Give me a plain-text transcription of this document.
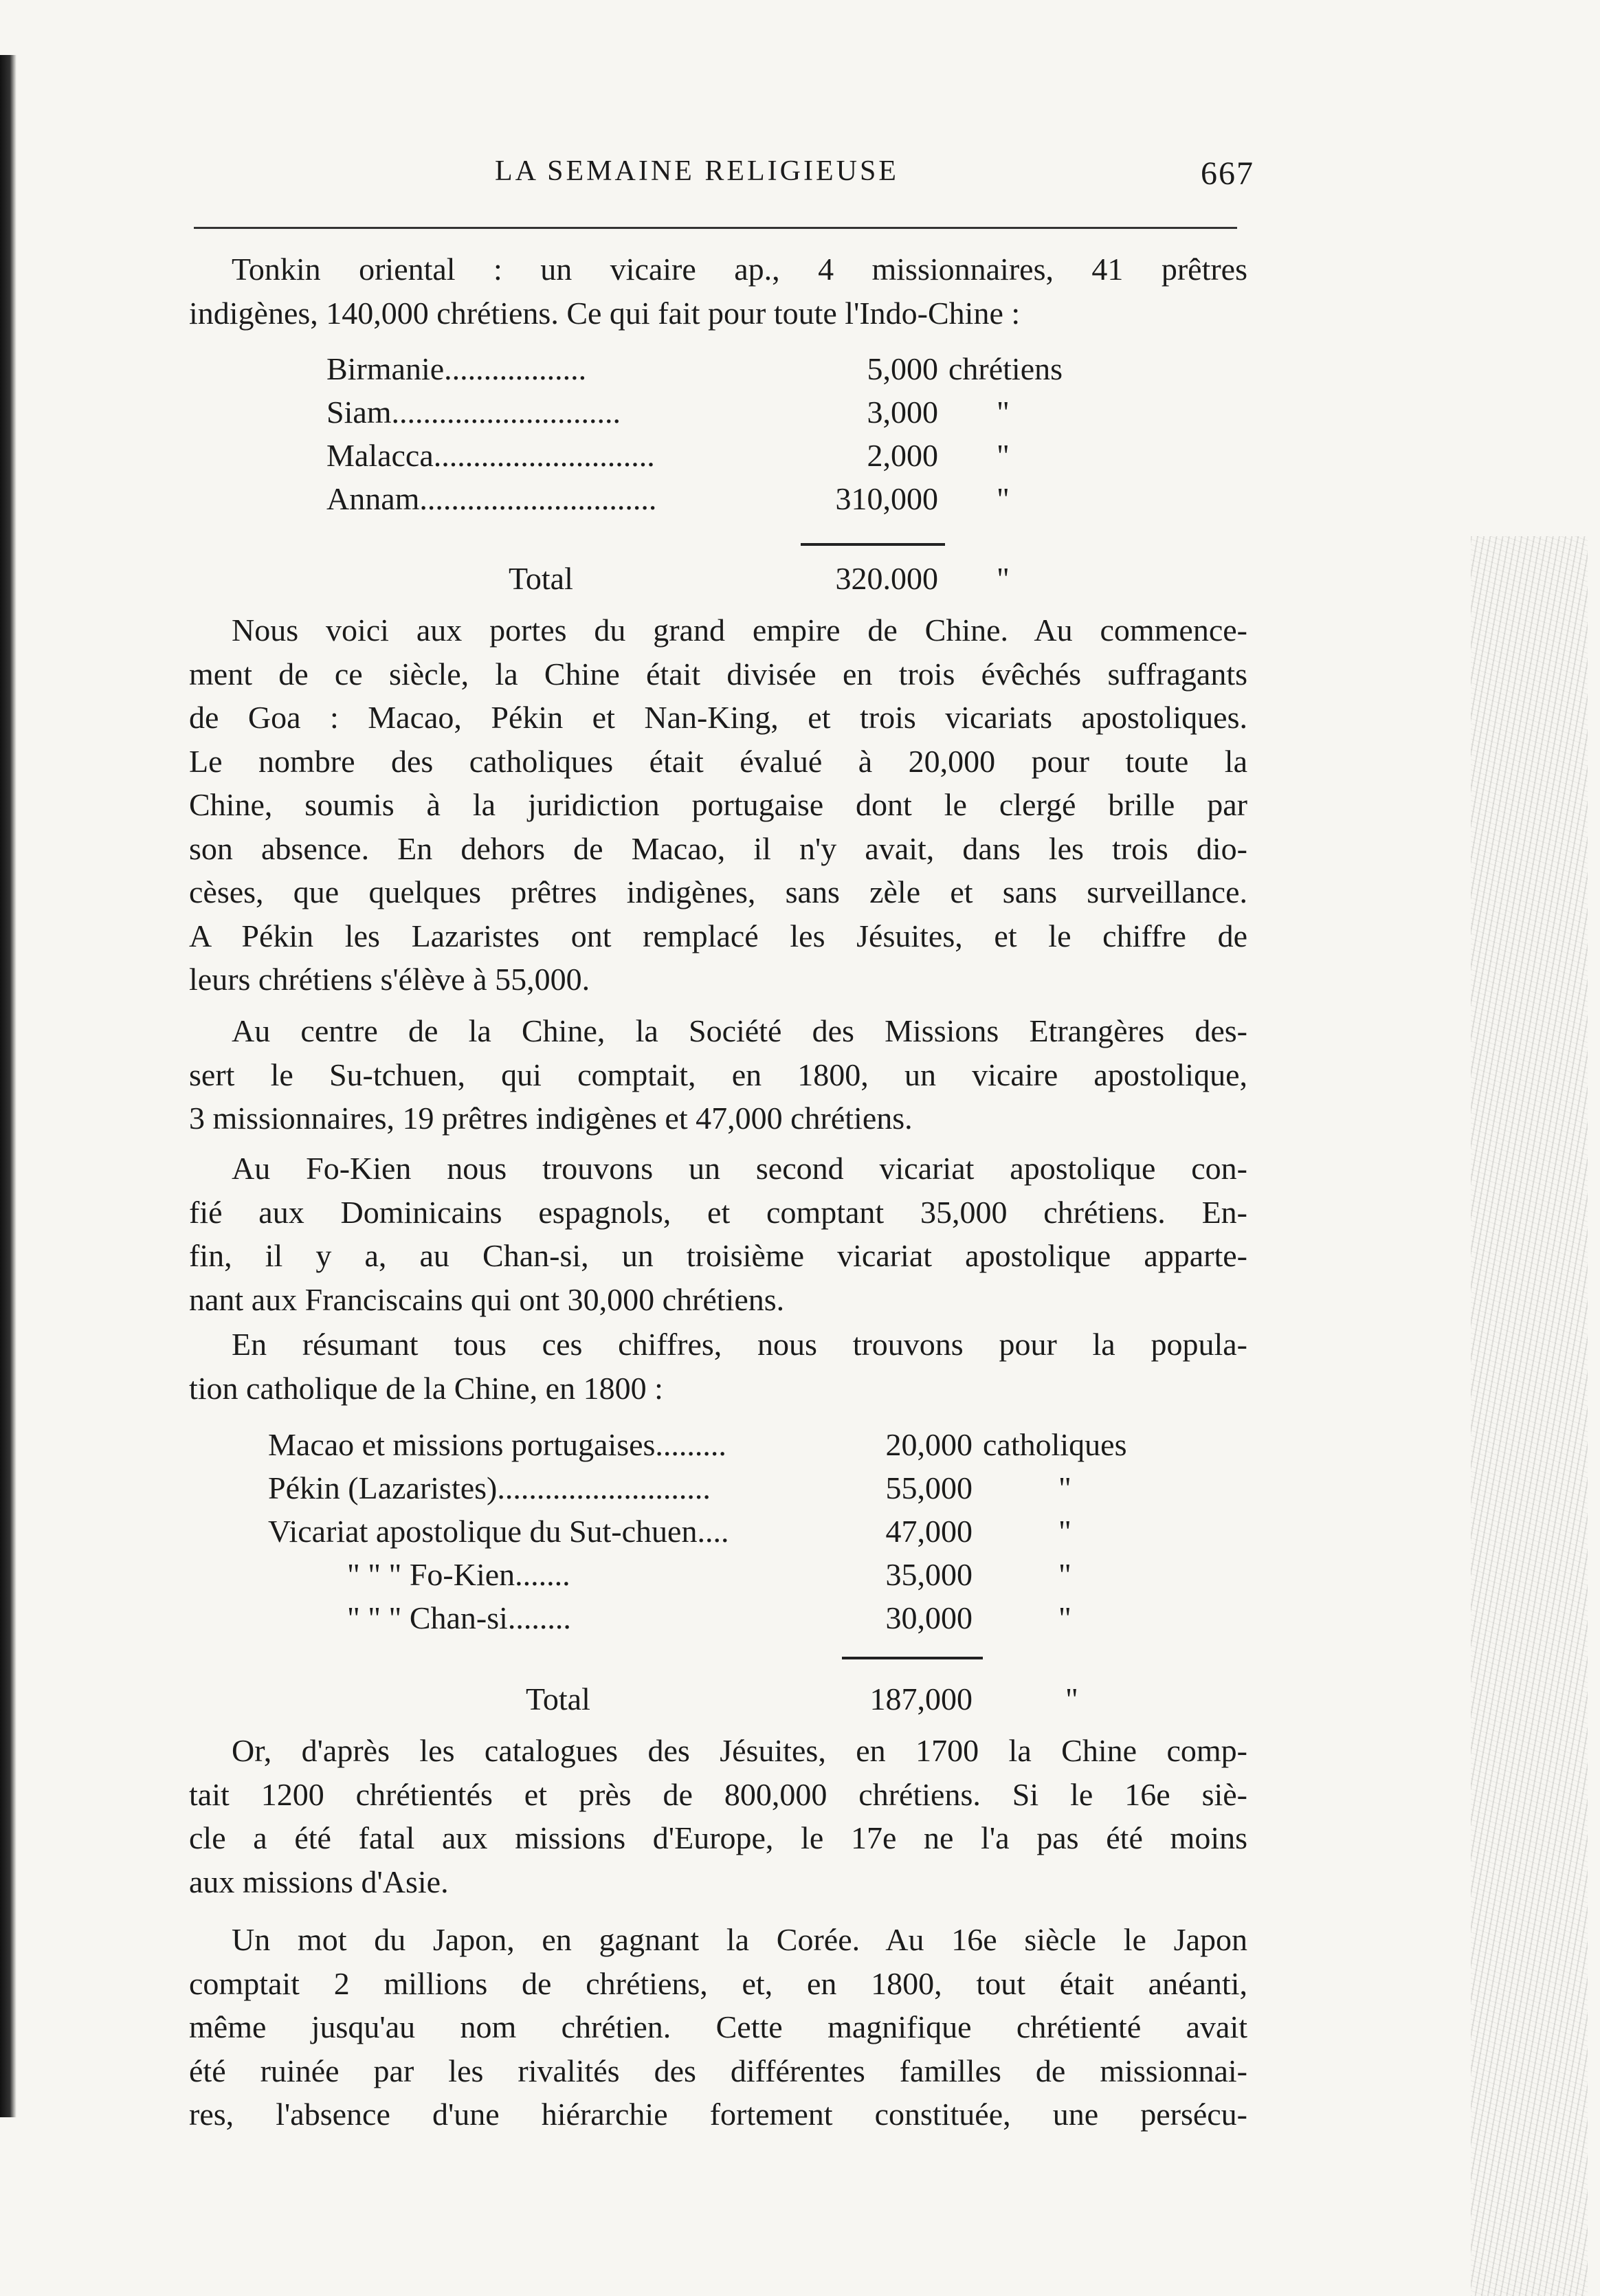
LA SEMAINE RELIGIEUSE	667
Tonkin oriental : un vicaire ap., 4 missionnaires, 41 prêtres
indigènes, 140,000 chrétiens. Ce qui fait pour toute l'Indo-Chine :
Birmanie..................	5,000 chrétiens
Siam.............................	3,000 "
Malacca............................	2,000 "
Annam..............................	310,000 "
Total	320.000 "
Nous voici aux portes du grand empire de Chine. Au commence-
ment de ce siècle, la Chine était divisée en trois évêchés suffragants
de Goa : Macao, Pékin et Nan-King, et trois vicariats apostoliques.
Le nombre des catholiques était évalué à 20,000 pour toute la
Chine, soumis à la juridiction portugaise dont le clergé brille par
son absence. En dehors de Macao, il n'y avait, dans les trois dio-
cèses, que quelques prêtres indigènes, sans zèle et sans surveillance.
A Pékin les Lazaristes ont remplacé les Jésuites, et le chiffre de
leurs chrétiens s'élève à 55,000.
Au centre de la Chine, la Société des Missions Etrangères des-
sert le Su-tchuen, qui comptait, en 1800, un vicaire apostolique,
3 missionnaires, 19 prêtres indigènes et 47,000 chrétiens.
Au Fo-Kien nous trouvons un second vicariat apostolique con-
fié aux Dominicains espagnols, et comptant 35,000 chrétiens. En-
fin, il y a, au Chan-si, un troisième vicariat apostolique apparte-
nant aux Franciscains qui ont 30,000 chrétiens.
En résumant tous ces chiffres, nous trouvons pour la popula-
tion catholique de la Chine, en 1800 :
Macao et missions portugaises.........	20,000 catholiques
Pékin (Lazaristes)...........................	55,000	"
Vicariat apostolique du Sut-chuen....	47,000	"
" " " Fo-Kien.......	35,000	"
" " " Chan-si........	30,000	"
Total	187,000	"
Or, d'après les catalogues des Jésuites, en 1700 la Chine comp-
tait 1200 chrétientés et près de 800,000 chrétiens. Si le 16e siè-
cle a été fatal aux missions d'Europe, le 17e ne l'a pas été moins
aux missions d'Asie.
Un mot du Japon, en gagnant la Corée. Au 16e siècle le Japon
comptait 2 millions de chrétiens, et, en 1800, tout était anéanti,
même jusqu'au nom chrétien. Cette magnifique chrétienté avait
été ruinée par les rivalités des différentes familles de missionnai-
res, l'absence d'une hiérarchie fortement constituée, une persécu-
